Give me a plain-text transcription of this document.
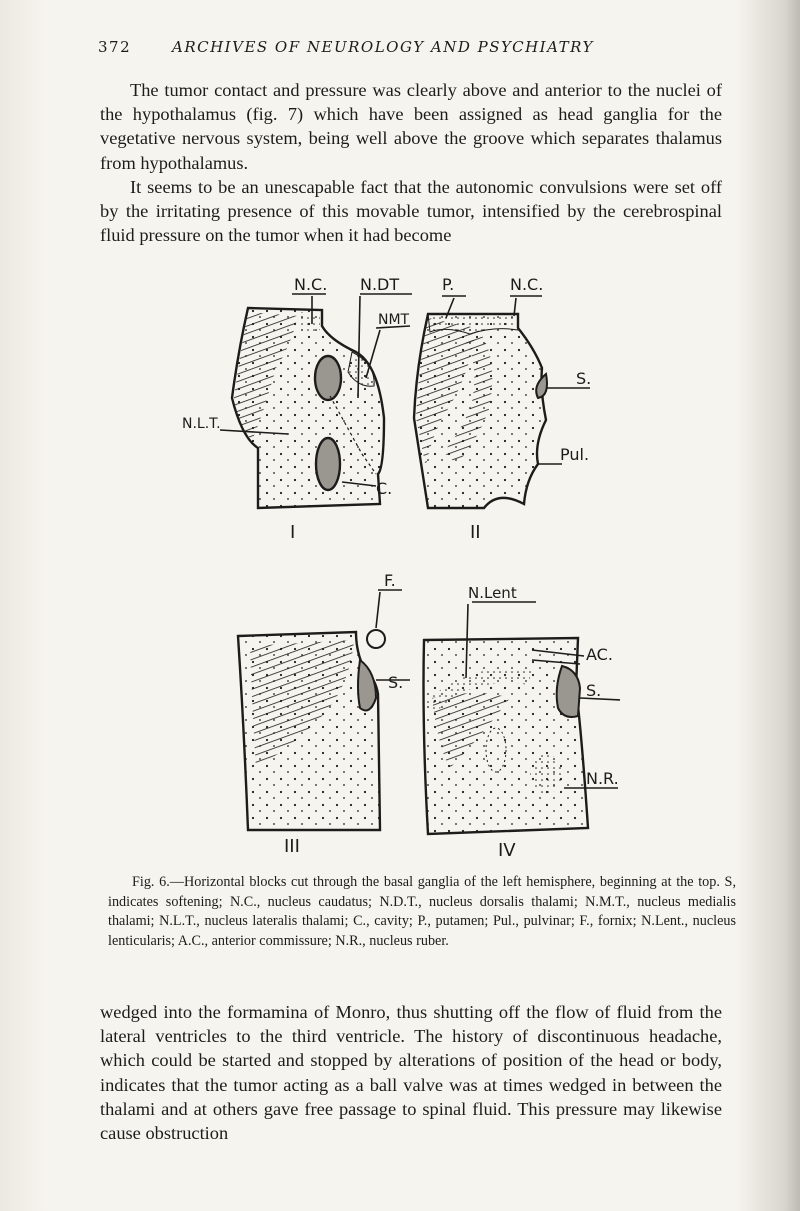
372	ARCHIVES OF NEUROLOGY AND PSYCHIATRY

The tumor contact and pressure was clearly above and anterior to the nuclei of the hypothalamus (fig. 7) which have been assigned as head ganglia for the vegetative nervous system, being well above the groove which separates thalamus from hypothalamus.

It seems to be an unescapable fact that the autonomic convulsions were set off by the irritating presence of this movable tumor, intensified by the cerebrospinal fluid pressure on the tumor when it had become

N.C. N.DT	P.	N.C.
NMT
S.
N.L.T.
Pul.
C.
F.
S.
N.Lent
AC.
S.
N.R.
I	II
III	IV
Fig. 6.—Horizontal blocks cut through the basal ganglia of the left hemisphere, beginning at the top. S, indicates softening; N.C., nucleus caudatus; N.D.T., nucleus dorsalis thalami; N.M.T., nucleus medialis thalami; N.L.T., nucleus lateralis thalami; C., cavity; P., putamen; Pul., pulvinar; F., fornix; N.Lent., nucleus lenticularis; A.C., anterior commissure; N.R., nucleus ruber.

wedged into the formamina of Monro, thus shutting off the flow of fluid from the lateral ventricles to the third ventricle. The history of discontinuous headache, which could be started and stopped by alterations of position of the head or body, indicates that the tumor acting as a ball valve was at times wedged in between the thalami and at others gave free passage to spinal fluid. This pressure may likewise cause obstruction
